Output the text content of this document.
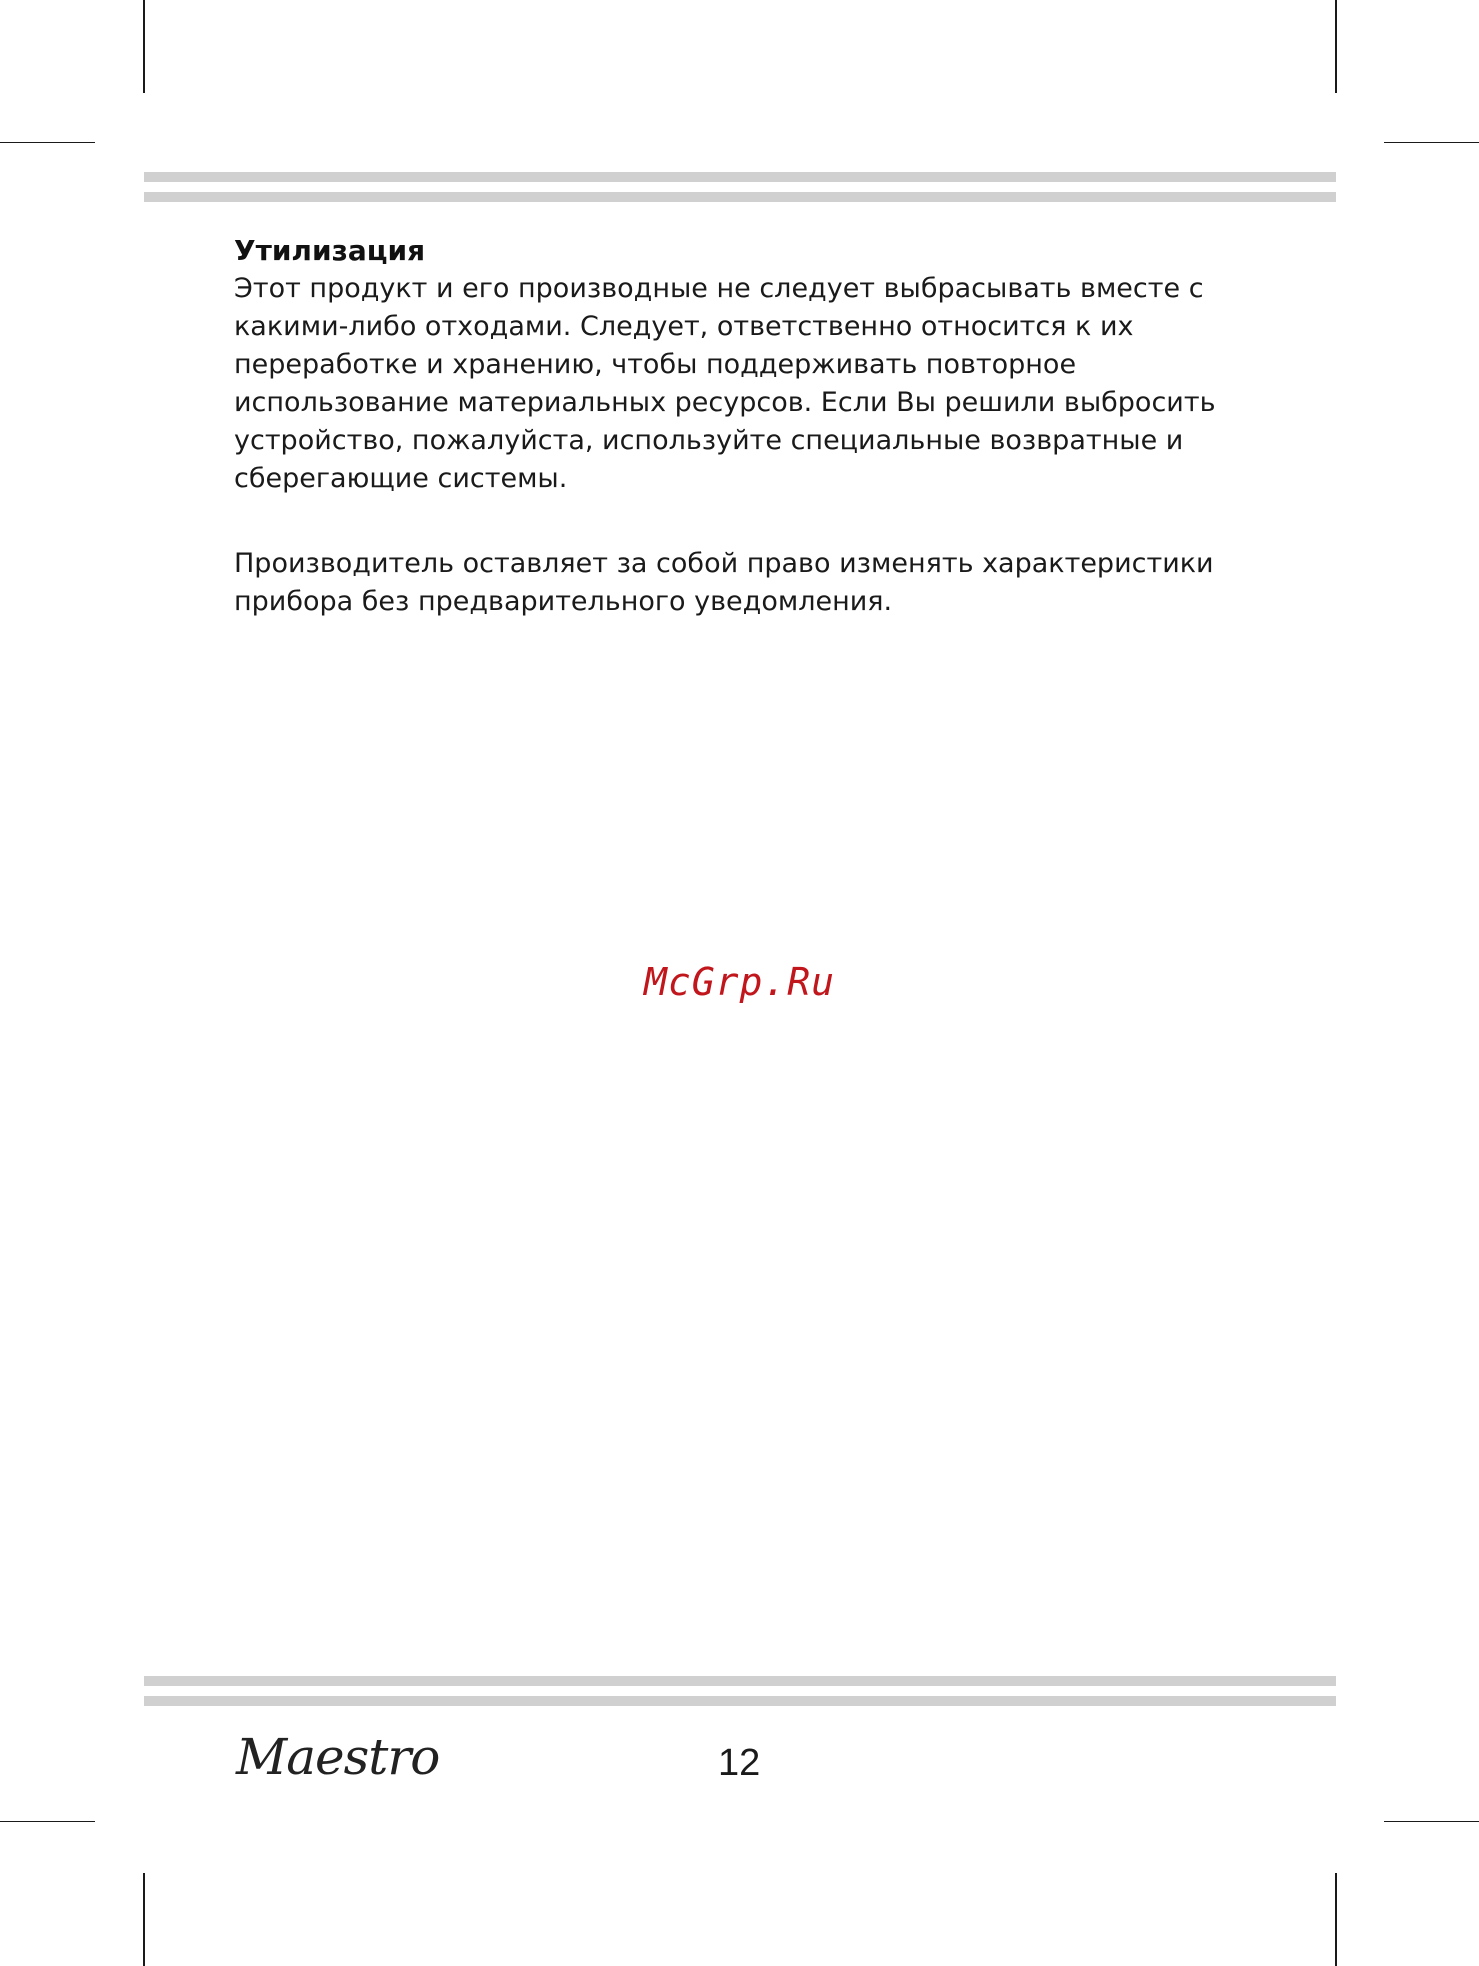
Утилизация

Этот продукт и его производные не следует выбрасывать вместе с
какими-либо отходами. Следует, ответственно относится к их
переработке и хранению, чтобы поддерживать повторное
использование материальных ресурсов. Если Вы решили выбросить
устройство, пожалуйста, используйте специальные возвратные и
сберегающие системы.

Производитель оставляет за собой право изменять характеристики
прибора без предварительного уведомления.

McGrp.Ru
Maestro	12
